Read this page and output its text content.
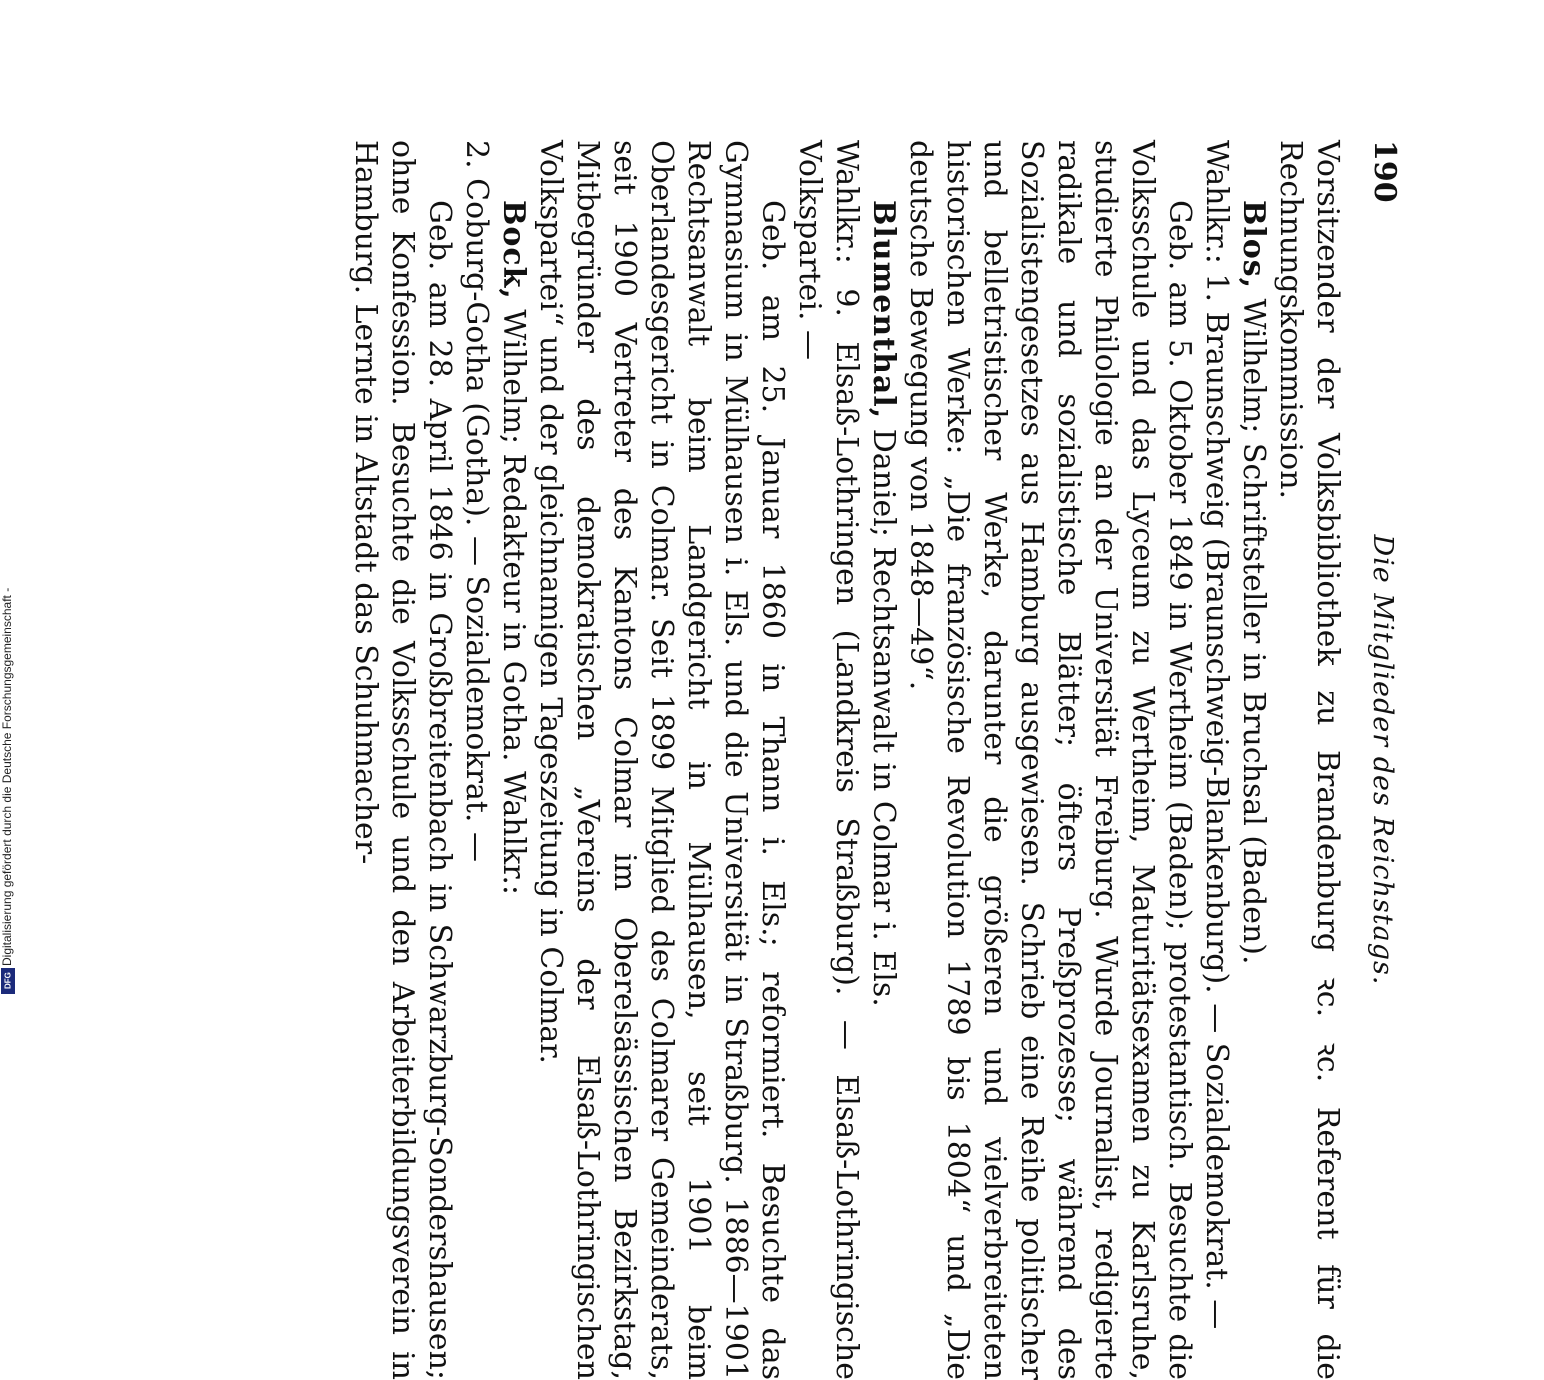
190
Die Mitglieder des Reichstags.

Vorsitzender der Volksbibliothek zu Brandenburg ꝛc. ꝛc. Referent für die Rechnungskommission.

Blos, Wilhelm; Schriftsteller in Bruchsal (Baden).

Wahlkr.: 1. Braunschweig (Braunschweig-Blankenburg). — Sozialdemokrat. —

Geb. am 5. Oktober 1849 in Wertheim (Baden); protestantisch. Besuchte die Volksschule und das Lyceum zu Wertheim, Maturitätsexamen zu Karlsruhe, studierte Philologie an der Universität Freiburg. Wurde Journalist, redigierte radikale und sozialistische Blätter; öfters Preßprozesse; während des Sozialistengesetzes aus Hamburg ausgewiesen. Schrieb eine Reihe politischer und belletristischer Werke, darunter die größeren und vielverbreiteten historischen Werke: „Die französische Revolution 1789 bis 1804“ und „Die deutsche Bewegung von 1848—49“.

Blumenthal, Daniel; Rechtsanwalt in Colmar i. Els.

Wahlkr.: 9. Elsaß-Lothringen (Landkreis Straßburg). — Elsaß-Lothringische Volkspartei. —

Geb. am 25. Januar 1860 in Thann i. Els.; reformiert. Besuchte das Gymnasium in Mülhausen i. Els. und die Universität in Straßburg. 1886—1901 Rechtsanwalt beim Landgericht in Mülhausen, seit 1901 beim Oberlandesgericht in Colmar. Seit 1899 Mitglied des Colmarer Gemeinderats, seit 1900 Vertreter des Kantons Colmar im Oberelsässischen Bezirkstag, Mitbegründer des demokratischen „Vereins der Elsaß-Lothringischen Volkspartei“ und der gleichnamigen Tageszeitung in Colmar.

Bock, Wilhelm; Redakteur in Gotha. Wahlkr.:

2. Coburg-Gotha (Gotha). — Sozialdemokrat. —

Geb. am 28. April 1846 in Großbreitenbach in Schwarzburg-Sondershausen; ohne Konfession. Besuchte die Volksschule und den Arbeiterbildungsverein in Hamburg. Lernte in Altstadt das Schuhmacher-

Digitalisierung gefördert durch die Deutsche Forschungsgemeinschaft -
DFG
